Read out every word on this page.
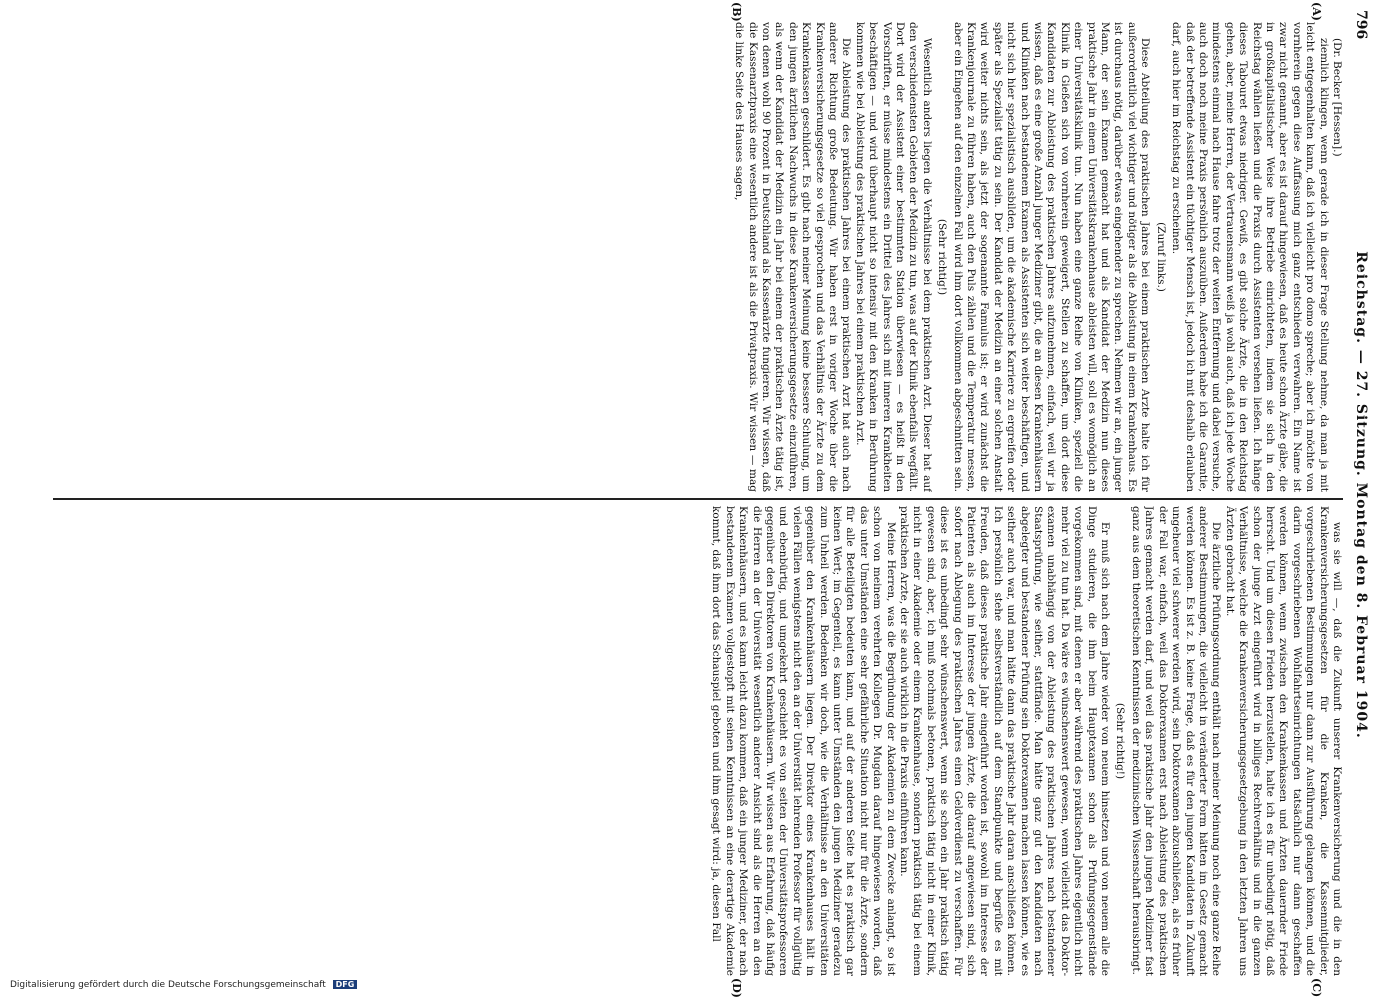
796
Reichstag. — 27. Sitzung. Montag den 8. Februar 1904.
(A)
(B)
(C)
(D)

(Dr. Becker [Hessen].)

ziemlich klingen, wenn gerade ich in dieser Frage Stellung nehme, da man ja mit leicht entgegenhalten kann, daß ich vielleicht pro domo spreche; aber ich möchte von vornherein gegen diese Auffassung mich ganz entschieden verwahren. Ein Name ist zwar nicht genannt, aber es ist darauf hingewiesen, daß es heute schon Ärzte gäbe, die in großkapitalistischer Weise ihre Betriebe einrichteten, indem sie sich in den Reichstag wählen ließen und die Praxis durch Assistenten versehen ließen. Ich hänge dieses Tabouret etwas niedriger. Gewiß, es gibt solche Ärzte, die in den Reichstag gehen, aber, meine Herren, der Vertrauensmann weiß ja wohl auch, daß ich jede Woche mindestens einmal nach Hause fahre trotz der weiten Entfernung und dabei versuche, auch doch noch meine Praxis persönlich auszuüben. Außerdem habe ich die Garantie, daß der betreffende Assistent ein tüchtiger Mensch ist, jedoch ich mit deshalb erlauben darf, auch hier im Reichstag zu erscheinen.

(Zuruf links.)

Diese Abteilung des praktischen Jahres bei einem praktischen Arzte halte ich für außerordentlich viel wichtiger und nötiger als die Ableistung in einem Krankenhaus. Es ist durchaus nötig, darüber etwas eingehender zu sprechen. Nehmen wir an, ein junger Mann, der sein Examen gemacht hat und als Kandidat der Medizin nun dieses praktische Jahr in einem Universitätskrankenhause ableisten will, soll es womöglich an einer Universitätsklinik tun. Nun haben eine ganze Reihe von Kliniken, speziell die Klinik in Gießen sich von vornherein geweigert, Stellen zu schaffen, um dort diese Kandidaten zur Ableistung des praktischen Jahres aufzunehmen, einfach, weil wir ja wissen, daß es eine große Anzahl junger Mediziner gibt, die an diesen Krankenhäusern und Kliniken nach bestandenem Examen als Assistenten sich weiter beschäftigen, und nicht sich hier spezialistisch ausbilden, um die akademische Karriere zu ergreifen oder später als Spezialist tätig zu sein. Der Kandidat der Medizin an einer solchen Anstalt wird weiter nichts sein, als jetzt der sogenannte Famulus ist; er wird zunächst die Krankenjournale zu führen haben, auch den Puls zählen und die Temperatur messen, aber ein Eingehen auf den einzelnen Fall wird ihm dort vollkommen abgeschnitten sein.

(Sehr richtig!)

Wesentlich anders liegen die Verhältnisse bei dem praktischen Arzt. Dieser hat auf den verschiedensten Gebieten der Medizin zu tun, was auf der Klinik ebenfalls wegfällt. Dort wird der Assistent einer bestimmten Station überwiesen — es heißt in den Vorschriften, er müsse mindestens ein Drittel des Jahres sich mit inneren Krankheiten beschäftigen — und wird überhaupt nicht so intensiv mit den Kranken in Berührung kommen wie bei Ableistung des praktischen Jahres bei einem praktischen Arzt.

Die Ableistung des praktischen Jahres bei einem praktischen Arzt hat auch nach anderer Richtung große Bedeutung. Wir haben erst in voriger Woche über die Krankenversicherungsgesetze so viel gesprochen und das Verhältnis der Ärzte zu dem Krankenkassen geschildert. Es gibt nach meiner Meinung keine bessere Schulung, um den jungen ärztlichen Nachwuchs in diese Krankenversicherungsgesetze einzuführen, als wenn der Kandidat der Medizin ein Jahr bei einem der praktischen Ärzte tätig ist, von denen wohl 90 Prozent in Deutschland als Kassenärzte fungieren. Wir wissen, daß die Kassenarztpraxis eine wesentlich andere ist als die Privatpraxis. Wir wissen — mag die linke Seite des Hauses sagen,

was sie will —, daß die Zukunft unserer Krankenversicherung und die in den Krankenversicherungsgesetzen für die Kranken, die Kassenmitglieder, vorgeschriebenen Bestimmungen nur dann zur Ausführung gelangen können, und die darin vorgeschriebenen Wohlfahrtseinrichtungen tatsächlich nur dann geschaffen werden können, wenn zwischen den Krankenkassen und Ärzten dauernder Friede herrscht. Und um diesen Frieden herzustellen, halte ich es für unbedingt nötig, daß schon der junge Arzt eingeführt wird in billiges Rechtverhältnis und in die ganzen Verhältnisse, welche die Krankenversicherungsgesetzgebung in den letzten Jahren uns Ärzten gebracht hat.

Die ärztliche Prüfungsordnung enthält nach meiner Meinung noch eine ganze Reihe anderer Bestimmungen, die vielleicht in veränderter Form hätten im Gesetz gemacht werden können. Es ist z. B. keine Frage, daß es für den jungen Kandidaten in Zukunft ungeheuer viel schwerer werden wird, sein Doktorexamen abzuschließen, als es früher der Fall war, einfach, weil das Doktorexamen erst nach Ableistung des praktischen Jahres gemacht werden darf, und weil das praktische Jahr den jungen Mediziner fast ganz aus dem theoretischen Kenntnissen der medizinischen Wissenschaft herausbringt.

(Sehr richtig!)

Er muß sich nach dem Jahre wieder von neuem hinsetzen und von neuem alle die Dinge studieren, die ihm beim Hauptexamen schon als Prüfungsgegenstände vorgekommen sind, mit denen er aber während des praktischen Jahres eigentlich nicht mehr viel zu tun hat. Da wäre es wünschenswert gewesen, wenn vielleicht das Doktorexamen unabhängig von der Ableistung des praktischen Jahres nach bestandener Staatsprüfung, wie seither, stattfände. Man hätte ganz gut den Kandidaten nach abgelegter und bestandener Prüfung sein Doktorexamen machen lassen können, wie es seither auch war, und man hätte dann das praktische Jahr daran anschließen können. Ich persönlich stehe selbstverständlich auf dem Standpunkte und begrüße es mit Freuden, daß dieses praktische Jahr eingeführt worden ist, sowohl im Interesse der Patienten als auch im Interesse der jungen Ärzte, die darauf angewiesen sind, sich sofort nach Ablegung des praktischen Jahres einen Geldverdienst zu verschaffen. Für diese ist es unbedingt sehr wünschenswert, wenn sie schon ein Jahr praktisch tätig gewesen sind, aber, ich muß nochmals betonen, praktisch tätig nicht in einer Klinik, nicht in einer Akademie oder einem Krankenhause, sondern praktisch tätig bei einem praktischen Arzte, der sie auch wirklich in die Praxis einführen kann.

Meine Herren, was die Begründung der Akademien zu dem Zwecke anlangt, so ist schon von meinem verehrten Kollegen Dr. Mugdan darauf hingewiesen worden, daß das unter Umständen eine sehr gefährliche Situation nicht nur für die Ärzte, sondern für alle Beteiligten bedeuten kann, und auf der anderen Seite hat es praktisch gar keinen Wert; im Gegenteil, es kann unter Umständen den jungen Mediziner geradezu zum Unheil werden. Bedenken wir doch, wie die Verhältnisse an den Universitäten gegenüber den Krankenhäusern liegen. Der Direktor eines Krankenhauses hält in vielen Fällen wenigstens nicht den an der Universität lehrenden Professor für vollgültig und ebenbürtig, und umgekehrt geschieht es von seiten der Universitätsprofessoren gegenüber den Direktoren von Krankenhäusern. Wir wissen aus Erfahrung, daß häufig die Herren an der Universität wesentlich anderer Ansicht sind als die Herren an den Krankenhäusern, und es kann leicht dazu kommen, daß ein junger Mediziner, der nach bestandenem Examen vollgestopft mit seinen Kenntnissen an eine derartige Akademie kommt, daß ihm dort das Schauspiel geboten und ihm gesagt wird: ja, diesen Fall

Digitalisierung gefördert durch die Deutsche Forschungsgemeinschaft DFG
